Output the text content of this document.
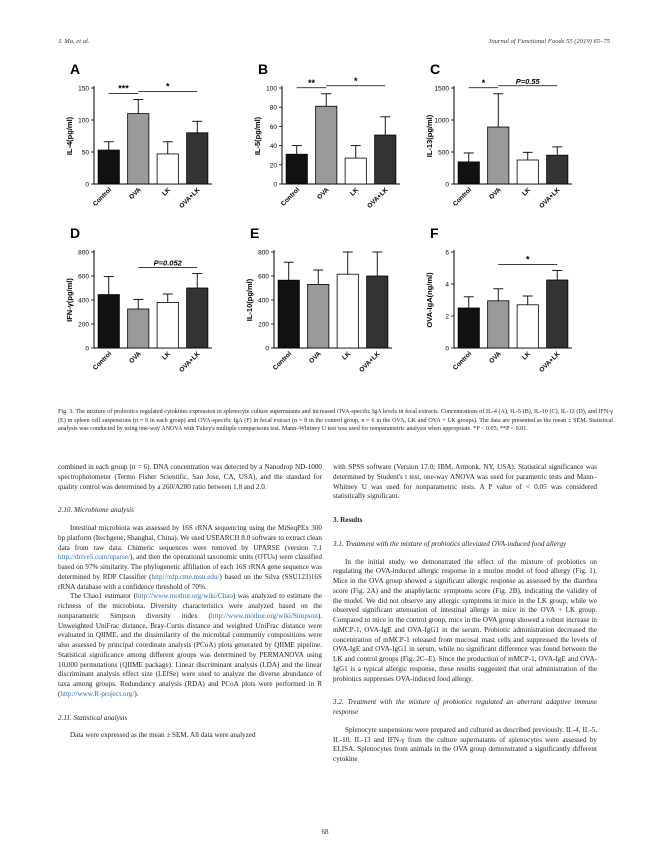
J. Ma, et al.	Journal of Functional Foods 55 (2019) 65–75
A
0
50
100
150
IL-4(pg/ml)
Control OVA	LK OVA+LK
***	*
B
0
20
40
60
80
100
IL-5(pg/ml)
Control OVA	LK OVA+LK
**	*
C
0
500
1000
1500
IL-13(pg/ml)
Control OVA	LK OVA+LK
*	P=0.55
D
0
200
400
600
800
IFN-γ(pg/ml)
Control OVA	LK OVA+LK
P=0.052
E
0
200
400
600
800
IL-10(pg/ml)
Control OVA	LK OVA+LK
F
0
2
4
6
OVA-IgA(ng/ml)
Control OVA	LK OVA+LK
*
Fig. 3. The mixture of probiotics regulated cytokines expression in splenocyte culture supernatants and increased OVA-specific IgA levels in fecal extracts. Concentrations of IL-4 (A), IL-5 (B), IL-10 (C), IL-13 (D), and IFN-γ (E) in spleen cell suspensions (n = 6 in each group) and OVA-specific IgA (F) in fecal extract (n = 8 in the control group, n = 6 in the OVA, LK and OVA + LK groups). The data are presented as the mean ± SEM. Statistical analysis was conducted by using one-way ANOVA with Tukey's multiple comparisons test. Mann–Whitney U test was used for nonparametric analysis when appropriate. *P < 0.05; **P < 0.01.

combined in each group (n = 6). DNA concentration was detected by a Nanodrop ND-1000 spectrophotometer (Termo Fisher Scientific, San Jose, CA, USA), and the standard for quality control was determined by a 260/A280 ratio between 1.8 and 2.0.

2.10. Microbiome analysis

Intestinal microbiota was assessed by 16S rRNA sequencing using the MiSeqPEx 300 bp platform (Itechgene, Shanghai, China). We used USEARCH 8.0 software to extract clean data from raw data. Chimeric sequences were removed by UPARSE (version 7.1 http://drive5.com/uparse/), and then the operational taxonomic units (OTUs) were classified based on 97% similarity. The phylogenetic affiliation of each 16S rRNA gene sequence was determined by RDP Classifier (http://rdp.cme.msu.edu/) based on the Silva (SSU123)16S rRNA database with a confidence threshold of 70%.

The Chao1 estimator (http://www.mothur.org/wiki/Chao) was analyzed to estimate the richness of the microbiota. Diversity characteristics were analyzed based on the nonparametric Simpson diversity index (http://www.mothur.org/wiki/Simpson). Unweighted UniFrac distance, Bray-Curtis distance and weighted UniFrac distance were evaluated in QIIME, and the dissimilarity of the microbial community compositions were also assessed by principal coordinate analysis (PCoA) plots generated by QIIME pipeline. Statistical significance among different groups was determined by PERMANOVA using 10,000 permutations (QIIME package). Linear discriminant analysis (LDA) and the linear discriminant analysis effect size (LEfSe) were used to analyze the diverse abundance of taxa among groups. Redundancy analysis (RDA) and PCoA plots were performed in R (http://www.R-project.org/).

2.11. Statistical analysis

Data were expressed as the mean ± SEM. All data were analyzed

with SPSS software (Version 17.0; IBM, Armonk, NY, USA). Statistical significance was determined by Student's t test, one-way ANOVA was used for parametric tests and Mann–Whitney U was used for nonparametric tests. A P value of < 0.05 was considered statistically significant.

3. Results
3.1. Treatment with the mixture of probiotics alleviated OVA-induced food allergy

In the initial study, we demonstrated the effect of the mixture of probiotics on regulating the OVA-induced allergic response in a murine model of food allergy (Fig. 1). Mice in the OVA group showed a significant allergic response as assessed by the diarrhea score (Fig. 2A) and the anaphylactic symptoms score (Fig. 2B), indicating the validity of the model. We did not observe any allergic symptoms in mice in the LK group, while we observed significant attenuation of intestinal allergy in mice in the OVA + LK group. Compared to mice in the control group, mice in the OVA group showed a robust increase in mMCP-1, OVA-IgE and OVA-IgG1 in the serum. Probiotic administration decreased the concentration of mMCP-1 released from mucosal mast cells and suppressed the levels of OVA-IgE and OVA-IgG1 in serum, while no significant difference was found between the LK and control groups (Fig. 2C–E). Since the production of mMCP-1, OVA-IgE and OVA-IgG1 is a typical allergic response, these results suggested that oral administration of the probiotics suppresses OVA-induced food allergy.

3.2. Treatment with the mixture of probiotics regulated an aberrant adaptive immune response

Splenocyte suspensions were prepared and cultured as described previously. IL-4, IL-5, IL-10, IL-13 and IFN-γ from the culture supernatants of splenocytes were assessed by ELISA. Splenocytes from animals in the OVA group demonstrated a significantly different cytokine

68
